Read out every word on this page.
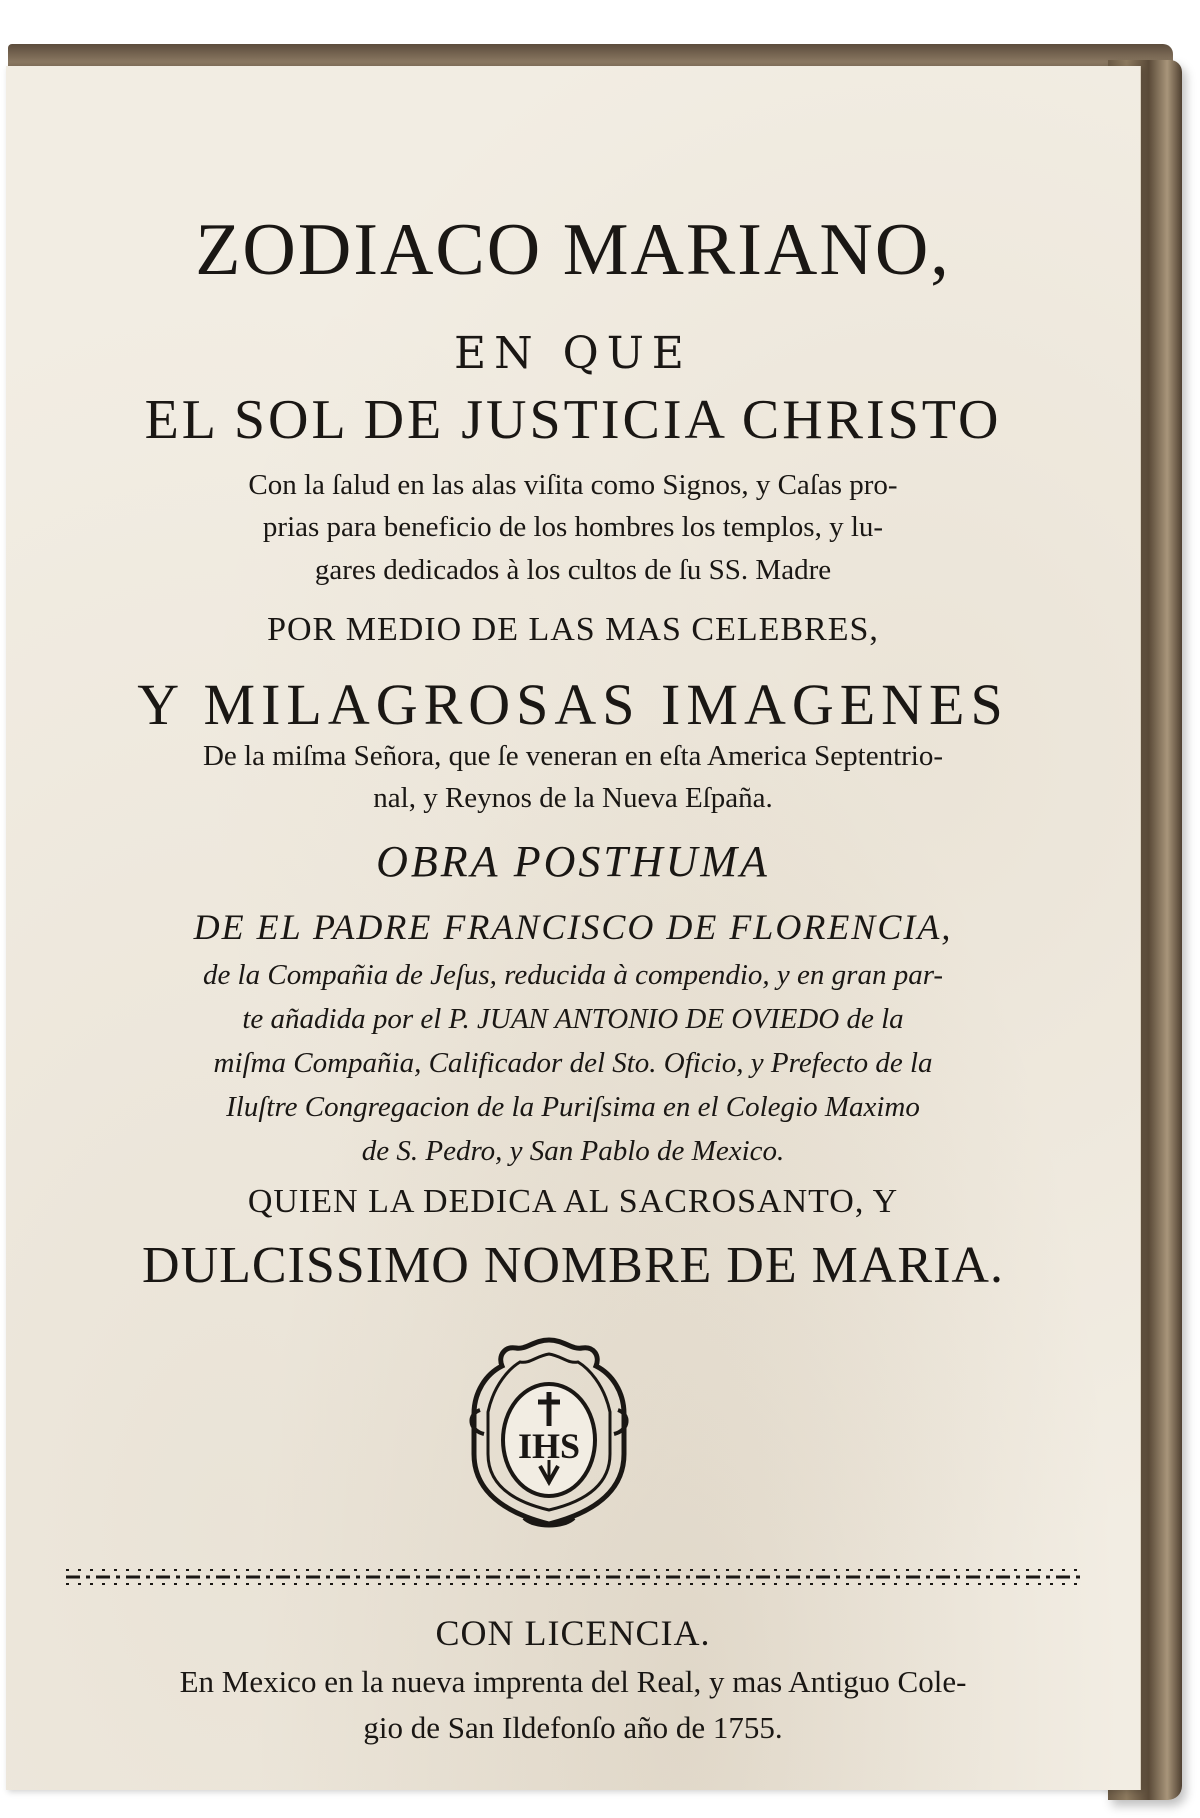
ZODIACO MARIANO,

EN QUE

EL SOL DE JUSTICIA CHRISTO

Con la ſalud en las alas viſita como Signos, y Caſas pro-

prias para beneficio de los hombres los templos, y lu-

gares dedicados à los cultos de ſu SS. Madre

POR MEDIO DE LAS MAS CELEBRES,

Y MILAGROSAS IMAGENES

De la miſma Señora, que ſe veneran en eſta America Septentrio-

nal, y Reynos de la Nueva Eſpaña.

OBRA POSTHUMA

DE EL PADRE FRANCISCO DE FLORENCIA,

de la Compañia de Jeſus, reducida à compendio, y en gran par-

te añadida por el P. JUAN ANTONIO DE OVIEDO de la

miſma Compañia, Calificador del Sto. Oficio, y Prefecto de la

Iluſtre Congregacion de la Puriſsima en el Colegio Maximo

de S. Pedro, y San Pablo de Mexico.

QUIEN LA DEDICA AL SACROSANTO, Y

DULCISSIMO NOMBRE DE MARIA.

IHS

CON LICENCIA.

En Mexico en la nueva imprenta del Real, y mas Antiguo Cole-

gio de San Ildefonſo año de 1755.
